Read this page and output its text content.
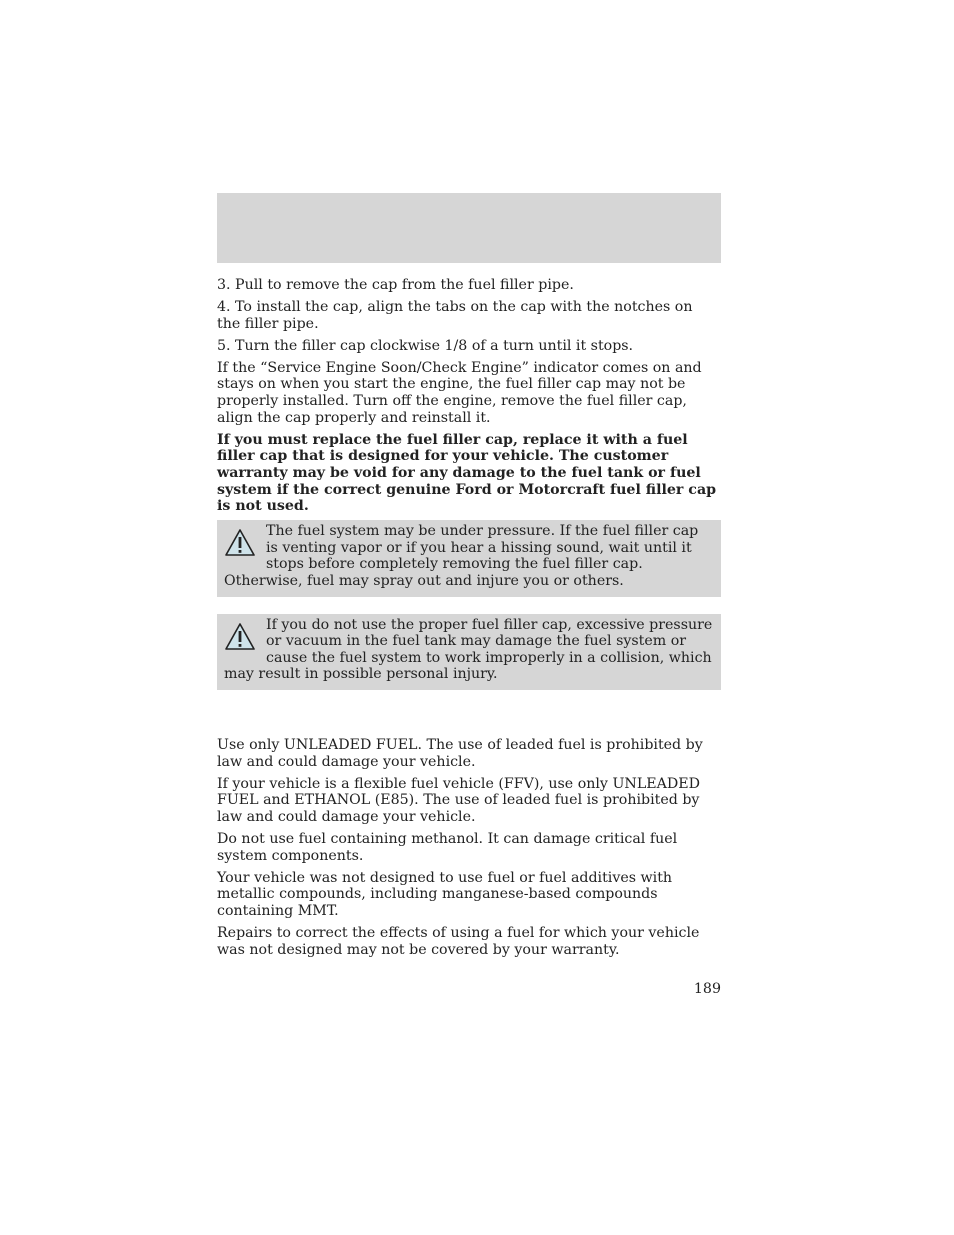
3. Pull to remove the cap from the fuel filler pipe.

4. To install the cap, align the tabs on the cap with the notches on the filler pipe.

5. Turn the filler cap clockwise 1/8 of a turn until it stops.

If the “Service Engine Soon/Check Engine” indicator comes on and stays on when you start the engine, the fuel filler cap may not be properly installed. Turn off the engine, remove the fuel filler cap, align the cap properly and reinstall it.

If you must replace the fuel filler cap, replace it with a fuel filler cap that is designed for your vehicle. The customer warranty may be void for any damage to the fuel tank or fuel system if the correct genuine Ford or Motorcraft fuel filler cap is not used.

The fuel system may be under pressure. If the fuel filler cap is venting vapor or if you hear a hissing sound, wait until it stops before completely removing the fuel filler cap. Otherwise, fuel may spray out and injure you or others.
If you do not use the proper fuel filler cap, excessive pressure or vacuum in the fuel tank may damage the fuel system or cause the fuel system to work improperly in a collision, which may result in possible personal injury.

Use only UNLEADED FUEL. The use of leaded fuel is prohibited by law and could damage your vehicle.

If your vehicle is a flexible fuel vehicle (FFV), use only UNLEADED FUEL and ETHANOL (E85). The use of leaded fuel is prohibited by law and could damage your vehicle.

Do not use fuel containing methanol. It can damage critical fuel system components.

Your vehicle was not designed to use fuel or fuel additives with metallic compounds, including manganese-based compounds containing MMT.

Repairs to correct the effects of using a fuel for which your vehicle was not designed may not be covered by your warranty.

189
